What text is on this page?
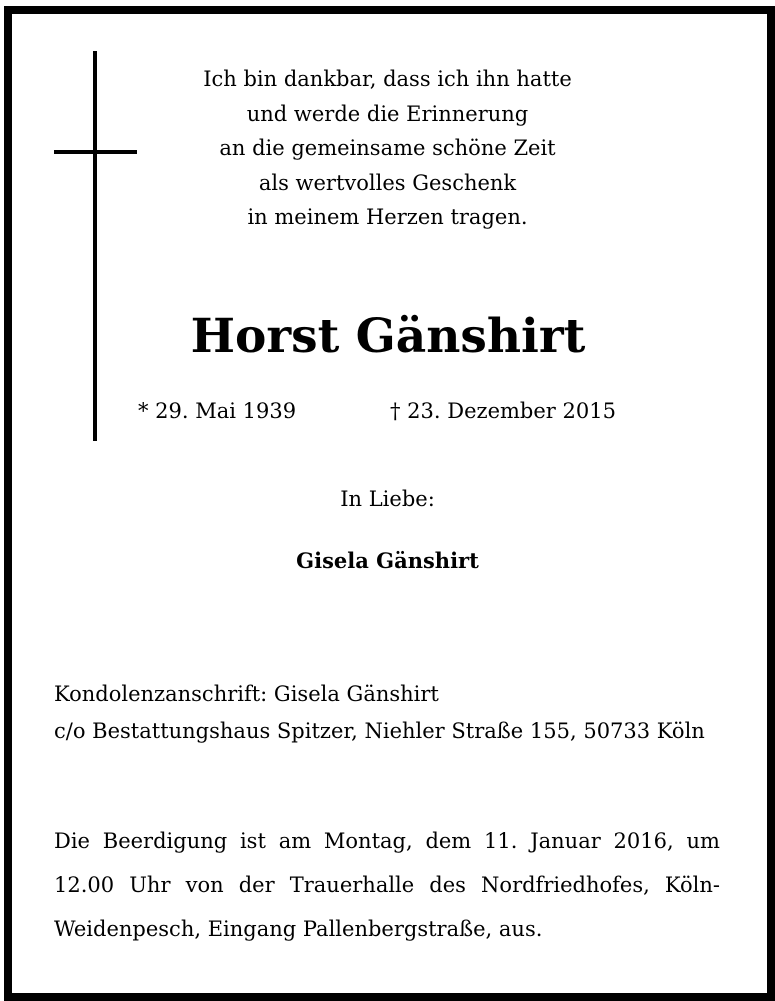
Ich bin dankbar, dass ich ihn hatte
und werde die Erinnerung
an die gemeinsame schöne Zeit
als wertvolles Geschenk
in meinem Herzen tragen.
Horst Gänshirt
* 29. Mai 1939	† 23. Dezember 2015
In Liebe:
Gisela Gänshirt
Kondolenzanschrift: Gisela Gänshirt
c/o Bestattungshaus Spitzer, Niehler Straße 155, 50733 Köln
Die Beerdigung ist am Montag, dem 11. Januar 2016, um
12.00 Uhr von der Trauerhalle des Nordfriedhofes, Köln-
Weidenpesch, Eingang Pallenbergstraße, aus.
